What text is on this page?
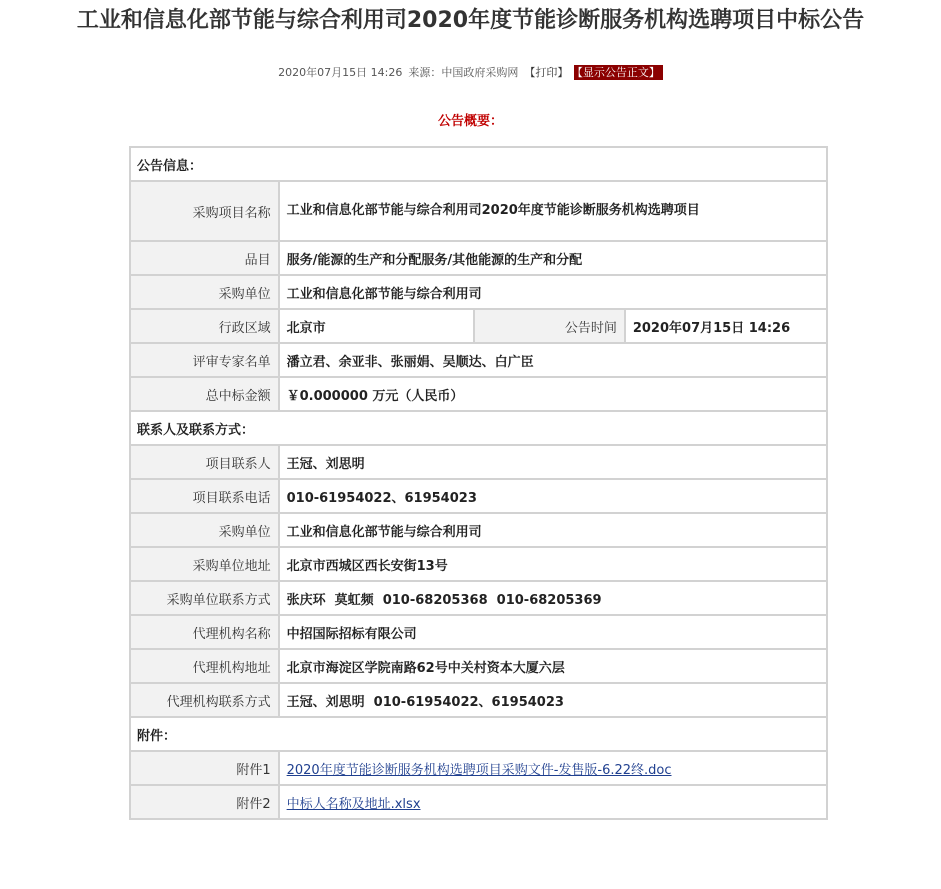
工业和信息化部节能与综合利用司2020年度节能诊断服务机构选聘项目中标公告
2020年07月15日 14:26 来源：中国政府采购网 【打印】 【显示公告正文】
公告概要：
公告信息：			
采购项目名称	工业和信息化部节能与综合利用司2020年度节能诊断服务机构选聘项目		

品目	服务/能源的生产和分配服务/其他能源的生产和分配		
采购单位	工业和信息化部节能与综合利用司		
行政区域	北京市	公告时间	2020年07月15日 14:26
评审专家名单	潘立君、余亚非、张丽娟、吴顺达、白广臣		
总中标金额	￥0.000000 万元（人民币）		
联系人及联系方式：			
项目联系人	王冠、刘思明		
项目联系电话	010-61954022、61954023		
采购单位	工业和信息化部节能与综合利用司		
采购单位地址	北京市西城区西长安街13号		
采购单位联系方式	张庆环  莫虹频  010-68205368  010-68205369		
代理机构名称	中招国际招标有限公司		
代理机构地址	北京市海淀区学院南路62号中关村资本大厦六层		
代理机构联系方式	王冠、刘思明  010-61954022、61954023		
附件：			
附件1	2020年度节能诊断服务机构选聘项目采购文件-发售版-6.22终.doc		
附件2	中标人名称及地址.xlsx		
